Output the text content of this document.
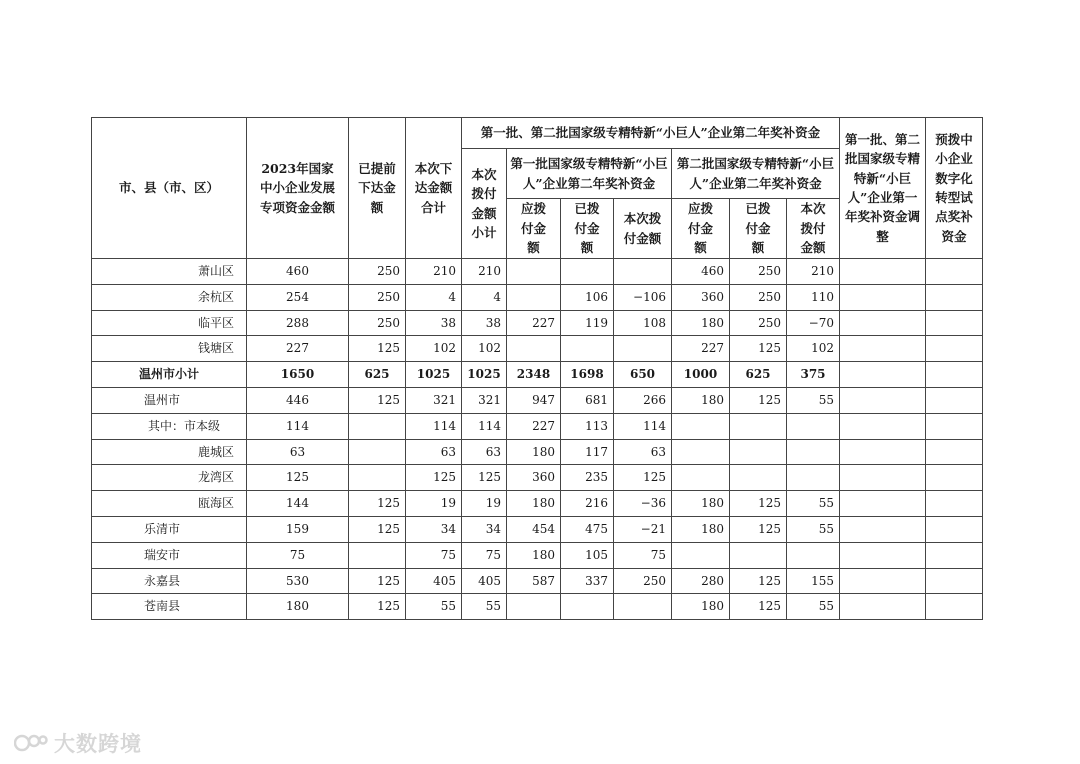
市、县（市、区）	2023年国家中小企业发展专项资金金额	已提前下达金额	本次下达金额合计	第一批、第二批国家级专精特新“小巨人”企业第二年奖补资金							第一批、第二批国家级专精特新“小巨人”企业第一年奖补资金调整	预拨中小企业数字化转型试点奖补资金
				本次拨付金额小计	第一批国家级专精特新“小巨人”企业第二年奖补资金			第二批国家级专精特新“小巨人”企业第二年奖补资金				
					应拨付金额	已拨付金额	本次拨付金额	应拨付金额	已拨付金额	本次拨付金额		
萧山区	460	250	210	210				460	250	210		
余杭区	254	250	4	4		106	−106	360	250	110		
临平区	288	250	38	38	227	119	108	180	250	−70		
钱塘区	227	125	102	102				227	125	102		
温州市小计	1650	625	1025	1025	2348	1698	650	1000	625	375		
温州市	446	125	321	321	947	681	266	180	125	55		
其中：市本级	114		114	114	227	113	114					
鹿城区	63		63	63	180	117	63					
龙湾区	125		125	125	360	235	125					
瓯海区	144	125	19	19	180	216	−36	180	125	55		
乐清市	159	125	34	34	454	475	−21	180	125	55		
瑞安市	75		75	75	180	105	75					
永嘉县	530	125	405	405	587	337	250	280	125	155		
苍南县	180	125	55	55				180	125	55		
大数跨境
